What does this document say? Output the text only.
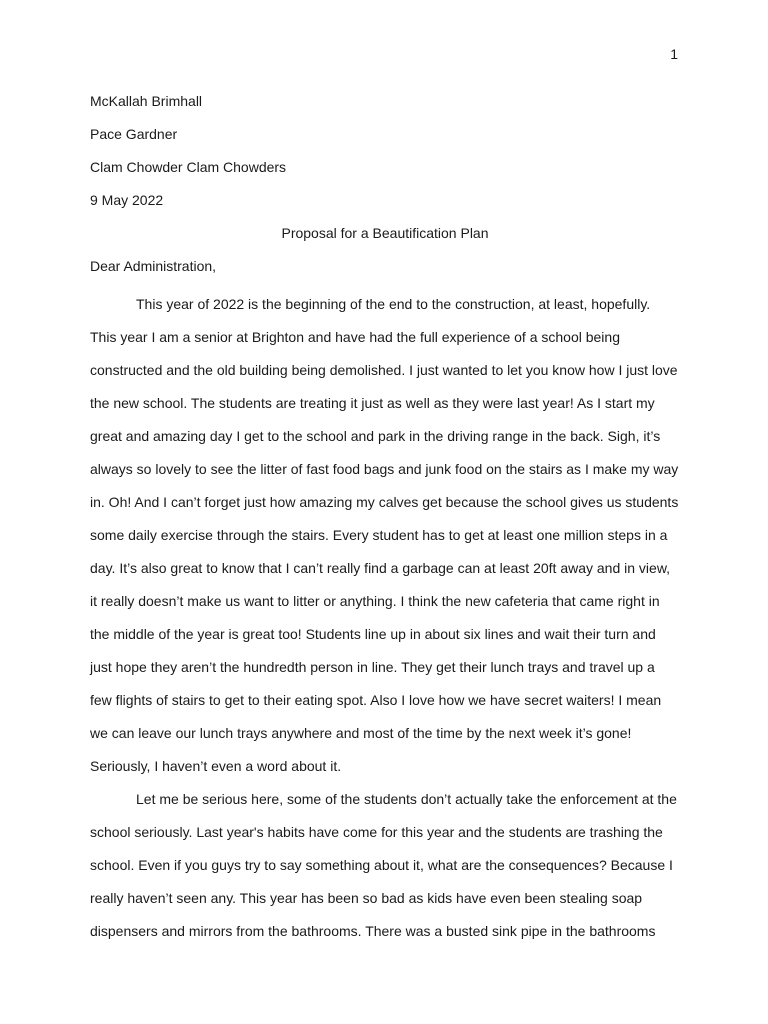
1
McKallah Brimhall
Pace Gardner
Clam Chowder Clam Chowders
9 May 2022
Proposal for a Beautification Plan
Dear Administration,

This year of 2022 is the beginning of the end to the construction, at least, hopefully. This year I am a senior at Brighton and have had the full experience of a school being constructed and the old building being demolished. I just wanted to let you know how I just love the new school. The students are treating it just as well as they were last year! As I start my great and amazing day I get to the school and park in the driving range in the back. Sigh, it’s always so lovely to see the litter of fast food bags and junk food on the stairs as I make my way in. Oh! And I can’t forget just how amazing my calves get because the school gives us students some daily exercise through the stairs. Every student has to get at least one million steps in a day. It’s also great to know that I can’t really find a garbage can at least 20ft away and in view, it really doesn’t make us want to litter or anything. I think the new cafeteria that came right in the middle of the year is great too! Students line up in about six lines and wait their turn and just hope they aren’t the hundredth person in line. They get their lunch trays and travel up a few flights of stairs to get to their eating spot. Also I love how we have secret waiters! I mean we can leave our lunch trays anywhere and most of the time by the next week it’s gone! Seriously, I haven’t even a word about it.

Let me be serious here, some of the students don’t actually take the enforcement at the school seriously. Last year's habits have come for this year and the students are trashing the school. Even if you guys try to say something about it, what are the consequences? Because I really haven’t seen any. This year has been so bad as kids have even been stealing soap dispensers and mirrors from the bathrooms. There was a busted sink pipe in the bathrooms
